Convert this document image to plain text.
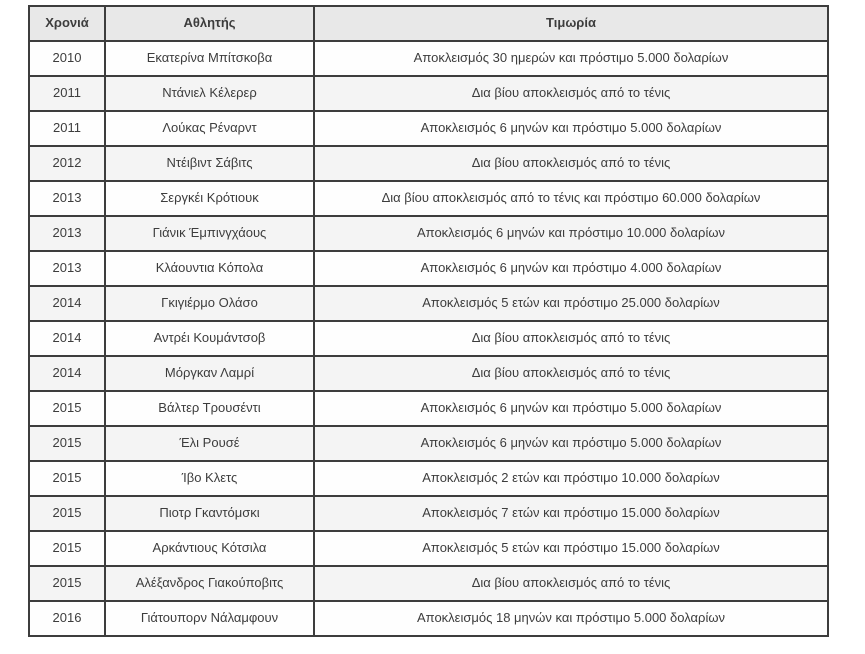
Χρονιά	Αθλητής	Τιμωρία
2010	Εκατερίνα Μπίτσκοβα	Αποκλεισμός 30 ημερών και πρόστιμο 5.000 δολαρίων
2011	Ντάνιελ Κέλερερ	Δια βίου αποκλεισμός από το τένις
2011	Λούκας Ρέναρντ	Αποκλεισμός 6 μηνών και πρόστιμο 5.000 δολαρίων
2012	Ντέιβιντ Σάβιτς	Δια βίου αποκλεισμός από το τένις
2013	Σεργκέι Κρότιουκ	Δια βίου αποκλεισμός από το τένις και πρόστιμο 60.000 δολαρίων
2013	Γιάνικ Έμπινγχάους	Αποκλεισμός 6 μηνών και πρόστιμο 10.000 δολαρίων
2013	Κλάουντια Κόπολα	Αποκλεισμός 6 μηνών και πρόστιμο 4.000 δολαρίων
2014	Γκιγιέρμο Ολάσο	Αποκλεισμός 5 ετών και πρόστιμο 25.000 δολαρίων
2014	Αντρέι Κουμάντσοβ	Δια βίου αποκλεισμός από το τένις
2014	Μόργκαν Λαμρί	Δια βίου αποκλεισμός από το τένις
2015	Βάλτερ Τρουσέντι	Αποκλεισμός 6 μηνών και πρόστιμο 5.000 δολαρίων
2015	Έλι Ρουσέ	Αποκλεισμός 6 μηνών και πρόστιμο 5.000 δολαρίων
2015	Ίβο Κλετς	Αποκλεισμός 2 ετών και πρόστιμο 10.000 δολαρίων
2015	Πιοτρ Γκαντόμσκι	Αποκλεισμός 7 ετών και πρόστιμο 15.000 δολαρίων
2015	Αρκάντιους Κότσιλα	Αποκλεισμός 5 ετών και πρόστιμο 15.000 δολαρίων
2015	Αλέξανδρος Γιακούποβιτς	Δια βίου αποκλεισμός από το τένις
2016	Γιάτουπορν Νάλαμφουν	Αποκλεισμός 18 μηνών και πρόστιμο 5.000 δολαρίων
